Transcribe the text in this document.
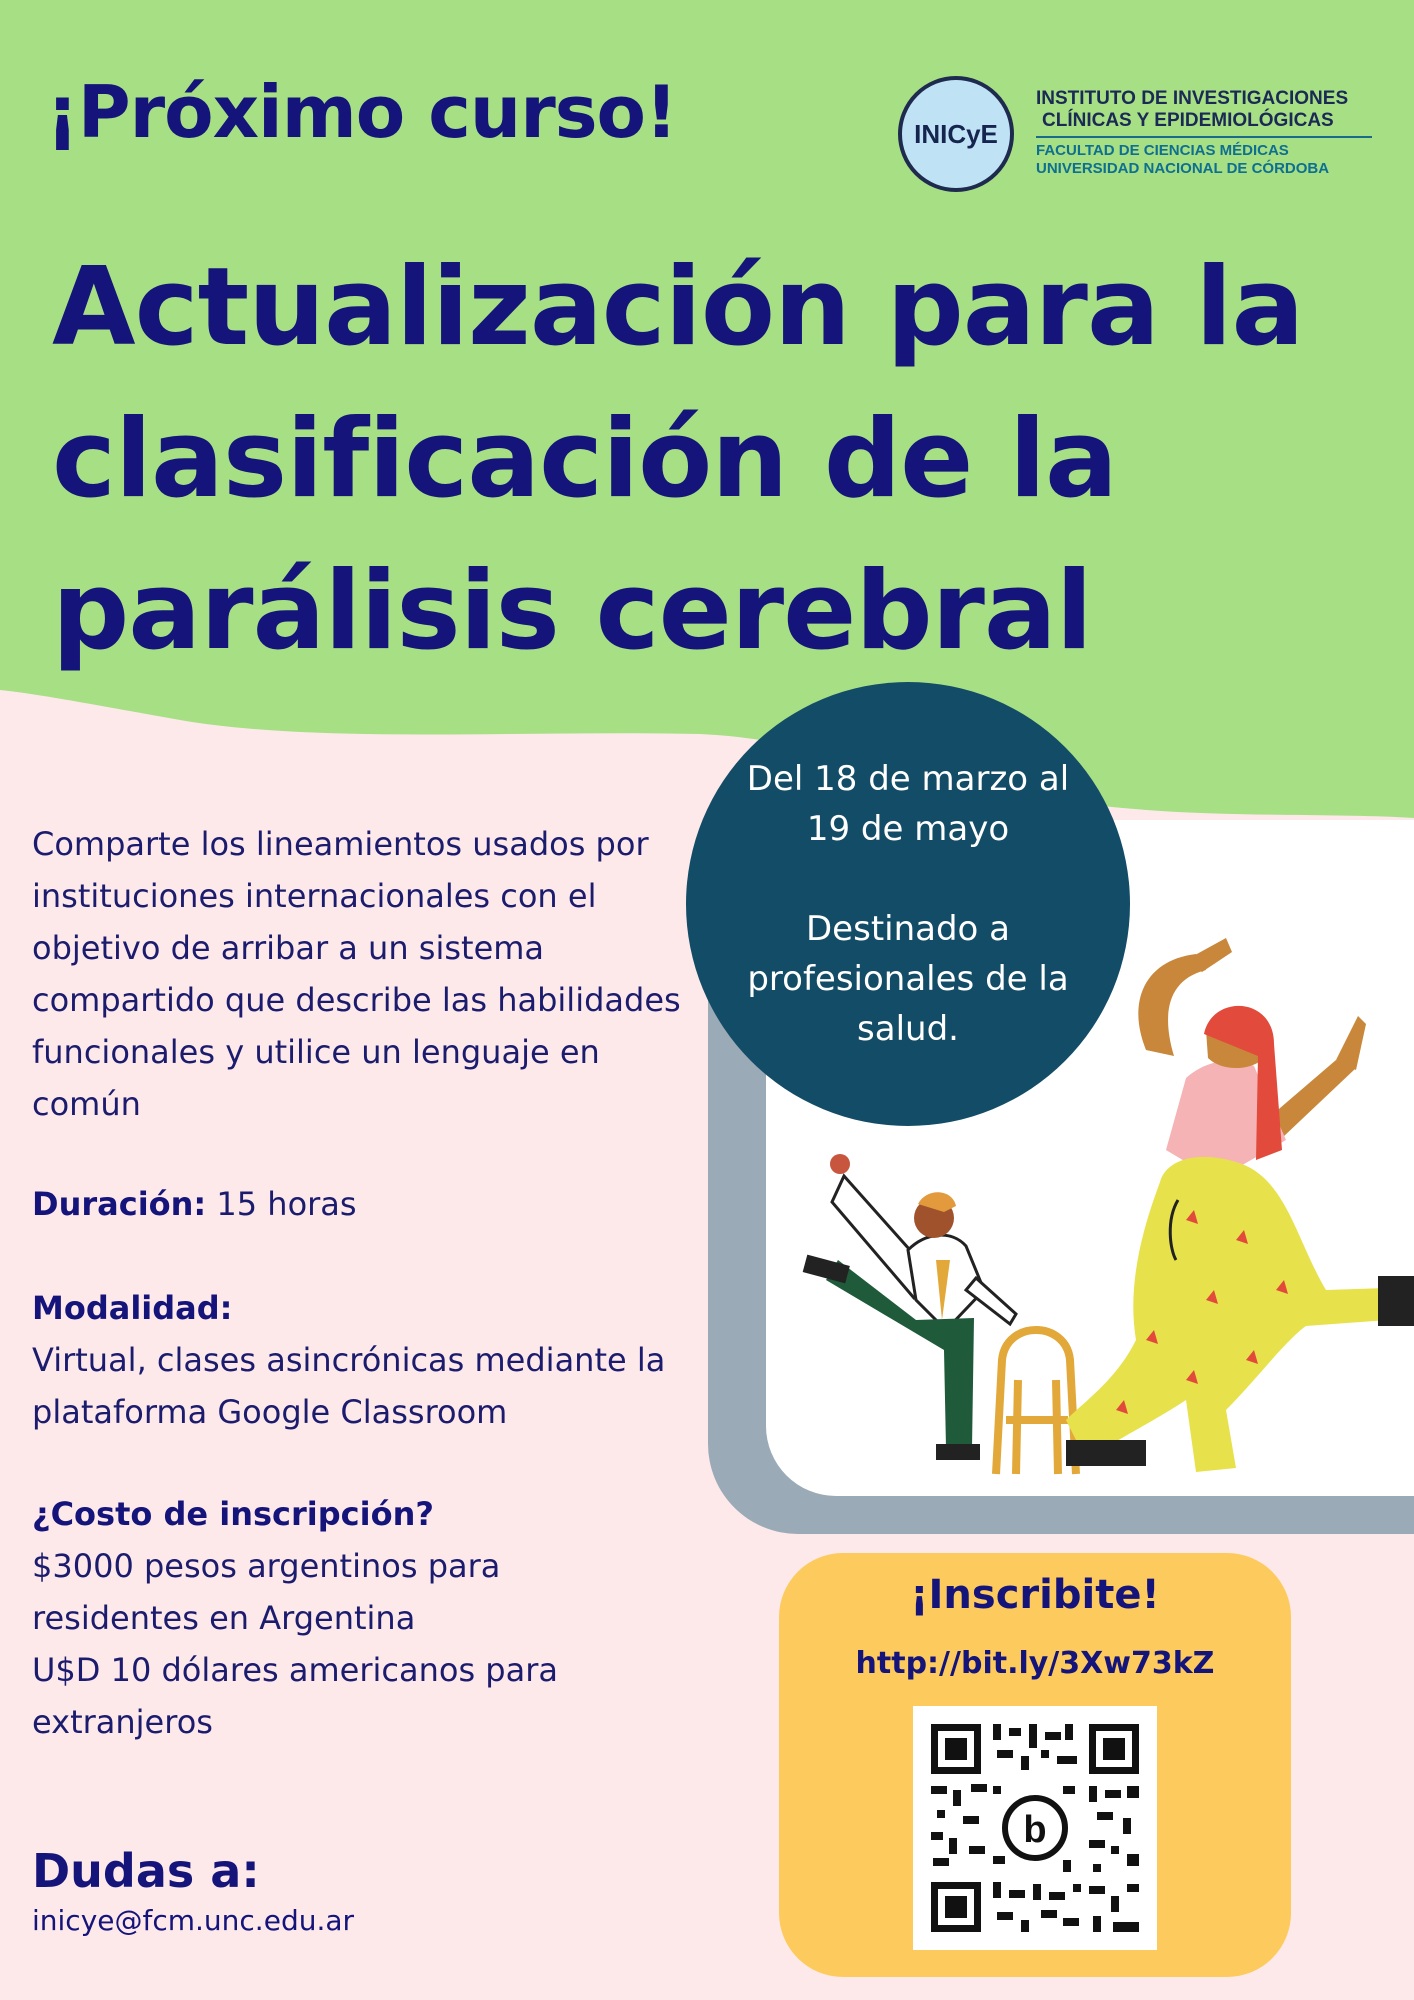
¡Próximo curso!	INICyE
INSTITUTO DE INVESTIGACIONES
CLÍNICAS Y EPIDEMIOLÓGICAS
FACULTAD DE CIENCIAS MÉDICAS
UNIVERSIDAD NACIONAL DE CÓRDOBA
Actualización para la
clasificación de la
parálisis cerebral
Comparte los lineamientos usados por instituciones internacionales con el objetivo de arribar a un sistema compartido que describe las habilidades funcionales y utilice un lenguaje en común
Duración: 15 horas
Modalidad:
Virtual, clases asincrónicas mediante la plataforma Google Classroom
¿Costo de inscripción?
$3000 pesos argentinos para residentes en Argentina
U$D 10 dólares americanos para extranjeros
Dudas a:
inicye@fcm.unc.edu.ar
Del 18 de marzo al 19 de mayo
Destinado a profesionales de la salud.
¡Inscribite!
http://bit.ly/3Xw73kZ
b
